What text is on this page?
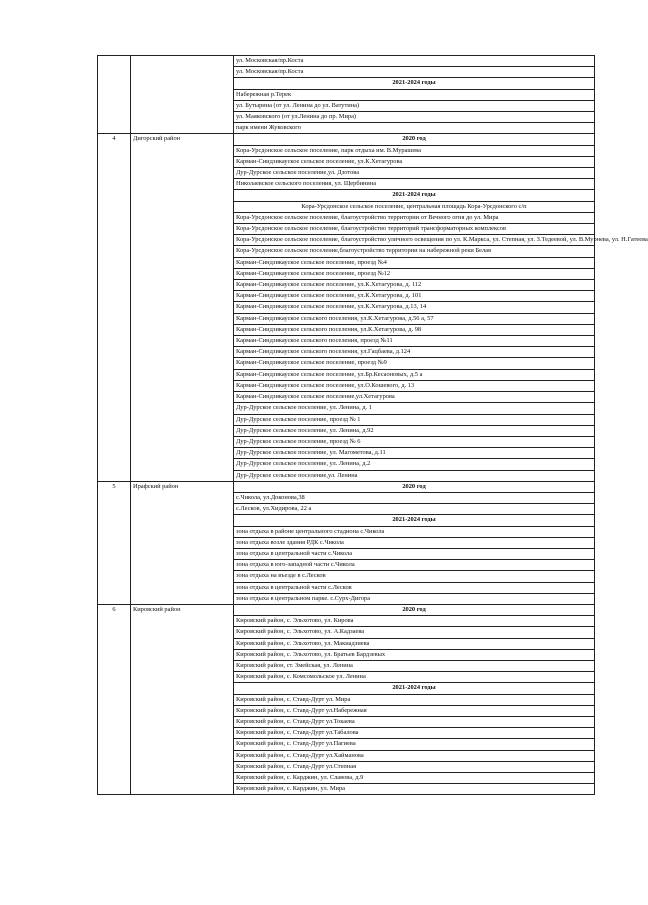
		ул. Московская/пр.Коста
		ул. Московская/пр.Коста
		2021-2024 годы
		Набережная р.Терек
		ул. Бутырина (от ул. Ленина до ул. Ватутина)
		ул. Маяковского (от ул.Ленина до пр. Мира)
		парк имени Жуковского
4	Дигорский район	2020 год
		Кора-Урсдонское сельское поселение, парк отдыха им. В.Мурашева
		Карман-Синдзикауское сельское поселение, ул.К.Хетагурова
		Дур-Дурское сельское поселение,ул. Дзотова
		Николаевское сельского поселения, ул. Щербинина
		2021-2024 годы
		Кора-Урсдонское сельское поселение, центральная площадь Кора-Урсдонского с/п
		Кора-Урсдонское сельское поселение, благоустройство территории от Вечного огня до ул. Мира
		Кора-Урсдонское сельское поселение, благоустройство территорий трансформаторных комплексов
		Кора-Урсдонское сельское поселение, благоустройство уличного освещения по ул. К.Маркса, ул. Степная, ул. З.Тедеевой, ул. В.Мурнева, ул. Н.Гатеева
		Кора-Урсдонское сельское поселение,благоустройство территории на набережной реки Белая
		Карман-Синдзикауское сельское поселение, проезд №4
		Карман-Синдзикауское сельское поселение, проезд №12
		Карман-Синдзикауское сельское поселение, ул.К.Хетагурова, д. 112
		Карман-Синдзикауское сельское поселение, ул.К.Хетагурова, д. 101
		Карман-Синдзикауское сельское поселение, ул.К.Хетагурова, д.13, 14
		Карман-Синдзикауское сельского поселения, ул.К.Хетагурова, д.56 а, 57
		Карман-Синдзикауское сельского поселения, ул.К.Хетагурова, д. 98
		Карман-Синдзикауское сельского поселения, проезд №11
		Карман-Синдзикауское сельского поселения, ул.Гацбаева, д.124
		Карман-Синдзикауское сельское поселение, проезд №9
		Карман-Синдзикауское сельское поселение, ул.Бр.Кесаоновых, д.5 а
		Карман-Синдзикауское сельское поселение, ул.О.Кошевого, д. 13
		Карман-Синдзикауское сельское поселение,ул.Хетагурова
		Дур-Дурское сельское поселение, ул. Ленина, д. 1
		Дур-Дурское сельское поселение, проезд № 1
		Дур-Дурское сельское поселение, ул. Ленина, д.92
		Дур-Дурское сельское поселение, проезд № 6
		Дур-Дурское сельское поселение, ул. Магометова, д.11
		Дур-Дурское сельское поселение, ул. Ленина, д.2
		Дур-Дурское сельское поселение,ул. Ленина
5	Ирафский район	2020 год
		с.Чикола, ул.Доконова,38
		с.Лесков, ул.Хидирова, 22 а
		2021-2024 годы
		зона отдыха в районе центрального стадиона с.Чикола
		зона отдыха возле здания РДК с.Чикола
		зона отдыха в центральной части с.Чикола
		зона отдыха в юго-западной части с.Чикола
		зона отдыха на въезде в с.Лесков
		зона отдыха в центральной части с.Лесков
		зона отдыха в центральном парке. с.Сурх-Дигора
6	Кировский район	2020 год
		Кировский район, с. Эльхотово, ул. Кирова
		Кировский район, с. Эльхотово, ул. А.Кадзаева
		Кировский район, с. Эльхотово, ул. Макиадзиева
		Кировский район, с. Эльхотово, ул. Братьев Бардзевых
		Кировский район, ст. Змейская, ул. Ленина
		Кировский район, с. Комсомольское ул. Ленина
		2021-2024 годы
		Кировский район, с. Ставд-Дурт ул. Мира
		Кировский район, с. Ставд-Дурт ул.Набережная
		Кировский район, с. Ставд-Дурт ул.Токаева
		Кировский район, с. Ставд-Дурт ул.Табалова
		Кировский район, с. Ставд-Дурт ул.Пагиева
		Кировский район, с. Ставд-Дурт ул.Хайманова
		Кировский район, с. Ставд-Дурт ул.Степная
		Кировский район, с. Карджин, ул. Славова, д.9
		Кировский район, с. Карджин, ул. Мира
